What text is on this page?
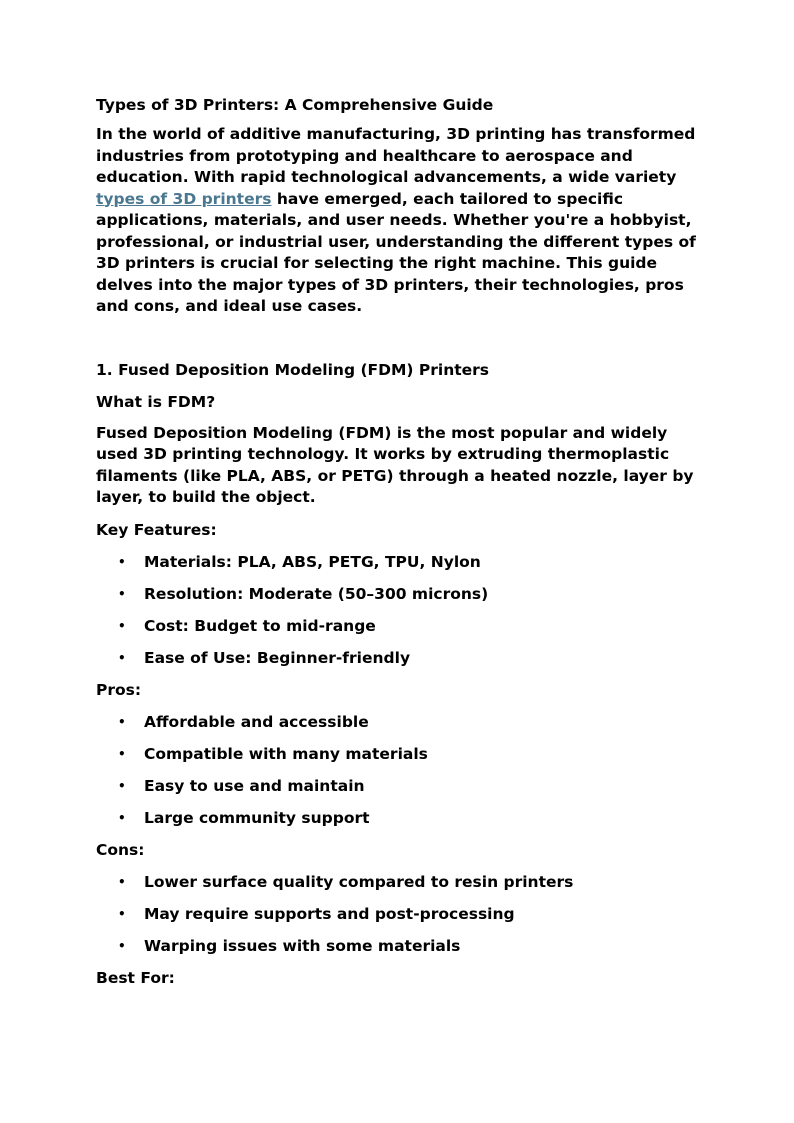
Types of 3D Printers: A Comprehensive Guide

In the world of additive manufacturing, 3D printing has transformed industries from prototyping and healthcare to aerospace and education. With rapid technological advancements, a wide variety types of 3D printers have emerged, each tailored to specific applications, materials, and user needs. Whether you're a hobbyist, professional, or industrial user, understanding the different types of 3D printers is crucial for selecting the right machine. This guide delves into the major types of 3D printers, their technologies, pros and cons, and ideal use cases.

1. Fused Deposition Modeling (FDM) Printers

What is FDM?

Fused Deposition Modeling (FDM) is the most popular and widely used 3D printing technology. It works by extruding thermoplastic filaments (like PLA, ABS, or PETG) through a heated nozzle, layer by layer, to build the object.

Key Features:

• Materials: PLA, ABS, PETG, TPU, Nylon
• Resolution: Moderate (50–300 microns)
• Cost: Budget to mid-range
• Ease of Use: Beginner-friendly

Pros:

• Affordable and accessible
• Compatible with many materials
• Easy to use and maintain
• Large community support

Cons:

• Lower surface quality compared to resin printers
• May require supports and post-processing
• Warping issues with some materials

Best For:
